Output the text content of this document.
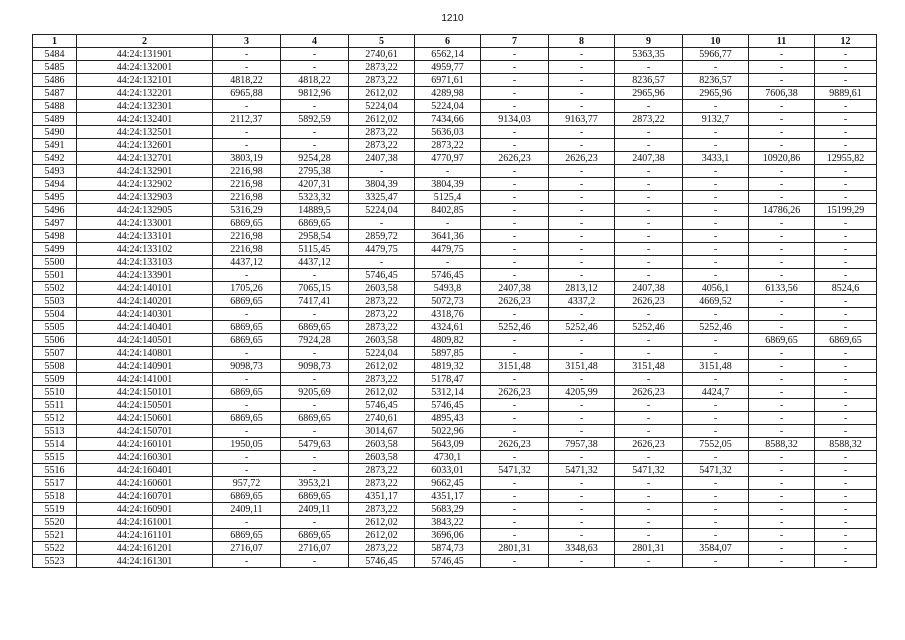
1210
1	2	3	4	5	6	7	8	9	10	11	12
5484	44:24:131901	-	-	2740,61	6562,14	-	-	5363,35	5966,77	-	-
5485	44:24:132001	-	-	2873,22	4959,77	-	-	-	-	-	-
5486	44:24:132101	4818,22	4818,22	2873,22	6971,61	-	-	8236,57	8236,57	-	-
5487	44:24:132201	6965,88	9812,96	2612,02	4289,98	-	-	2965,96	2965,96	7606,38	9889,61
5488	44:24:132301	-	-	5224,04	5224,04	-	-	-	-	-	-
5489	44:24:132401	2112,37	5892,59	2612,02	7434,66	9134,03	9163,77	2873,22	9132,7	-	-
5490	44:24:132501	-	-	2873,22	5636,03	-	-	-	-	-	-
5491	44:24:132601	-	-	2873,22	2873,22	-	-	-	-	-	-
5492	44:24:132701	3803,19	9254,28	2407,38	4770,97	2626,23	2626,23	2407,38	3433,1	10920,86	12955,82
5493	44:24:132901	2216,98	2795,38	-	-	-	-	-	-	-	-
5494	44:24:132902	2216,98	4207,31	3804,39	3804,39	-	-	-	-	-	-
5495	44:24:132903	2216,98	5323,32	3325,47	5125,4	-	-	-	-	-	-
5496	44:24:132905	5316,29	14889,5	5224,04	8402,85	-	-	-	-	14786,26	15199,29
5497	44:24:133001	6869,65	6869,65	-	-	-	-	-	-	-	-
5498	44:24:133101	2216,98	2958,54	2859,72	3641,36	-	-	-	-	-	-
5499	44:24:133102	2216,98	5115,45	4479,75	4479,75	-	-	-	-	-	-
5500	44:24:133103	4437,12	4437,12	-	-	-	-	-	-	-	-
5501	44:24:133901	-	-	5746,45	5746,45	-	-	-	-	-	-
5502	44:24:140101	1705,26	7065,15	2603,58	5493,8	2407,38	2813,12	2407,38	4056,1	6133,56	8524,6
5503	44:24:140201	6869,65	7417,41	2873,22	5072,73	2626,23	4337,2	2626,23	4669,52	-	-
5504	44:24:140301	-	-	2873,22	4318,76	-	-	-	-	-	-
5505	44:24:140401	6869,65	6869,65	2873,22	4324,61	5252,46	5252,46	5252,46	5252,46	-	-
5506	44:24:140501	6869,65	7924,28	2603,58	4809,82	-	-	-	-	6869,65	6869,65
5507	44:24:140801	-	-	5224,04	5897,85	-	-	-	-	-	-
5508	44:24:140901	9098,73	9098,73	2612,02	4819,32	3151,48	3151,48	3151,48	3151,48	-	-
5509	44:24:141001	-	-	2873,22	5178,47	-	-	-	-	-	-
5510	44:24:150101	6869,65	9205,69	2612,02	5312,14	2626,23	4205,99	2626,23	4424,7	-	-
5511	44:24:150501	-	-	5746,45	5746,45	-	-	-	-	-	-
5512	44:24:150601	6869,65	6869,65	2740,61	4895,43	-	-	-	-	-	-
5513	44:24:150701	-	-	3014,67	5022,96	-	-	-	-	-	-
5514	44:24:160101	1950,05	5479,63	2603,58	5643,09	2626,23	7957,38	2626,23	7552,05	8588,32	8588,32
5515	44:24:160301	-	-	2603,58	4730,1	-	-	-	-	-	-
5516	44:24:160401	-	-	2873,22	6033,01	5471,32	5471,32	5471,32	5471,32	-	-
5517	44:24:160601	957,72	3953,21	2873,22	9662,45	-	-	-	-	-	-
5518	44:24:160701	6869,65	6869,65	4351,17	4351,17	-	-	-	-	-	-
5519	44:24:160901	2409,11	2409,11	2873,22	5683,29	-	-	-	-	-	-
5520	44:24:161001	-	-	2612,02	3843,22	-	-	-	-	-	-
5521	44:24:161101	6869,65	6869,65	2612,02	3696,06	-	-	-	-	-	-
5522	44:24:161201	2716,07	2716,07	2873,22	5874,73	2801,31	3348,63	2801,31	3584,07	-	-
5523	44:24:161301	-	-	5746,45	5746,45	-	-	-	-	-	-
